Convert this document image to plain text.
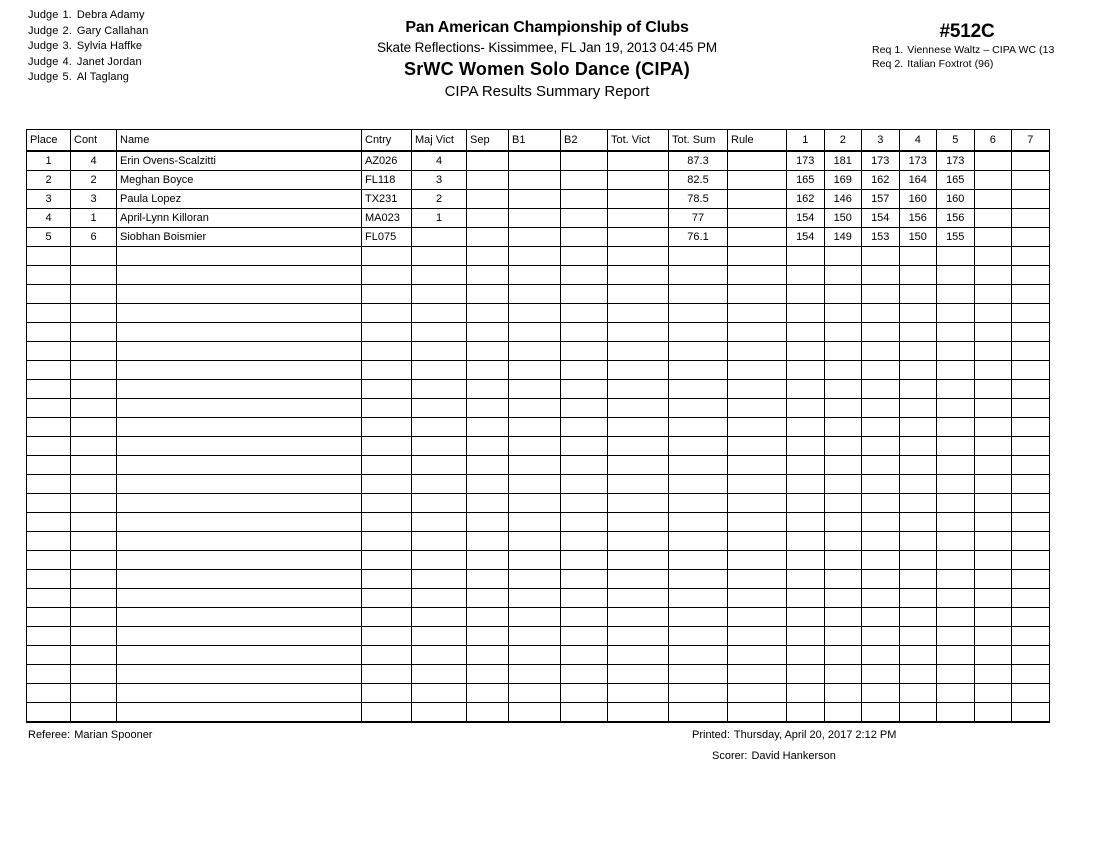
Judge 1. Debra Adamy
Judge 2. Gary Callahan
Judge 3. Sylvia Haffke
Judge 4. Janet Jordan
Judge 5. Al Taglang
Pan American Championship of Clubs
Skate Reflections- Kissimmee, FL Jan 19, 2013 04:45 PM
SrWC Women Solo Dance (CIPA)
CIPA Results Summary Report
#512C
Req 1. Viennese Waltz – CIPA WC (13
Req 2. Italian Foxtrot (96)
Place	Cont	Name	Cntry	Maj Vict	Sep	B1	B2	Tot. Vict	Tot. Sum	Rule	1	2	3	4	5	6	7
1	4	Erin Ovens-Scalzitti	AZ026	4					87.3		173	181	173	173	173		
2	2	Meghan Boyce	FL118	3					82.5		165	169	162	164	165		
3	3	Paula Lopez	TX231	2					78.5		162	146	157	160	160		
4	1	April-Lynn Killoran	MA023	1					77		154	150	154	156	156		
5	6	Siobhan Boismier	FL075						76.1		154	149	153	150	155		

Referee: Marian Spooner	Printed: Thursday, April 20, 2017 2:12 PM
Scorer: David Hankerson
